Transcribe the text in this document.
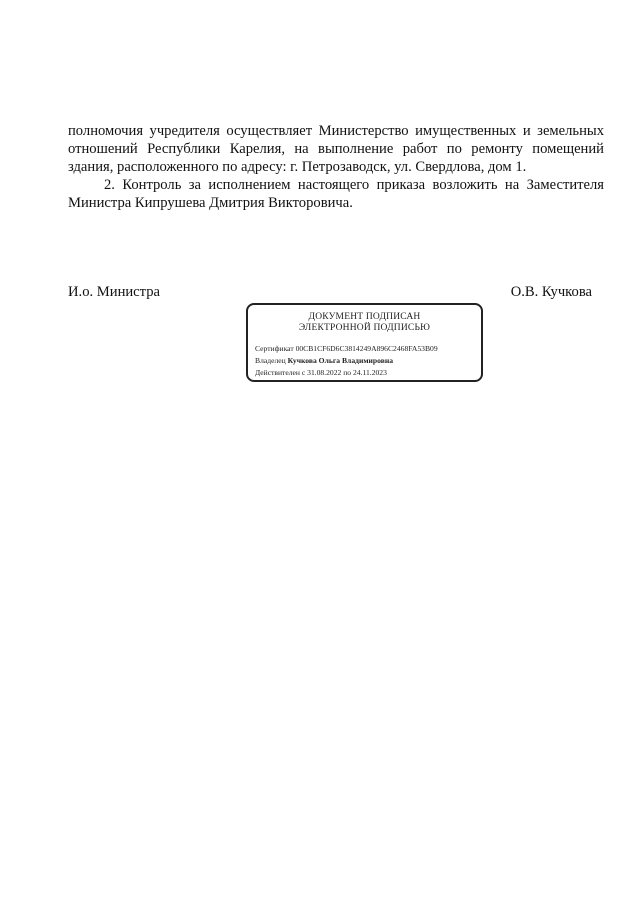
полномочия учредителя осуществляет Министерство имущественных и земельных отношений Республики Карелия, на выполнение работ по ремонту помещений здания, расположенного по адресу: г. Петрозаводск, ул. Свердлова, дом 1.

2. Контроль за исполнением настоящего приказа возложить на Заместителя Министра Кипрушева Дмитрия Викторовича.

И.о. Министра	О.В. Кучкова
ДОКУМЕНТ ПОДПИСАН
ЭЛЕКТРОННОЙ ПОДПИСЬЮ
Сертификат 00CB1CF6D6C3814249A896C2468FA53B09
Владелец Кучкова Ольга Владимировна
Действителен с 31.08.2022 по 24.11.2023
